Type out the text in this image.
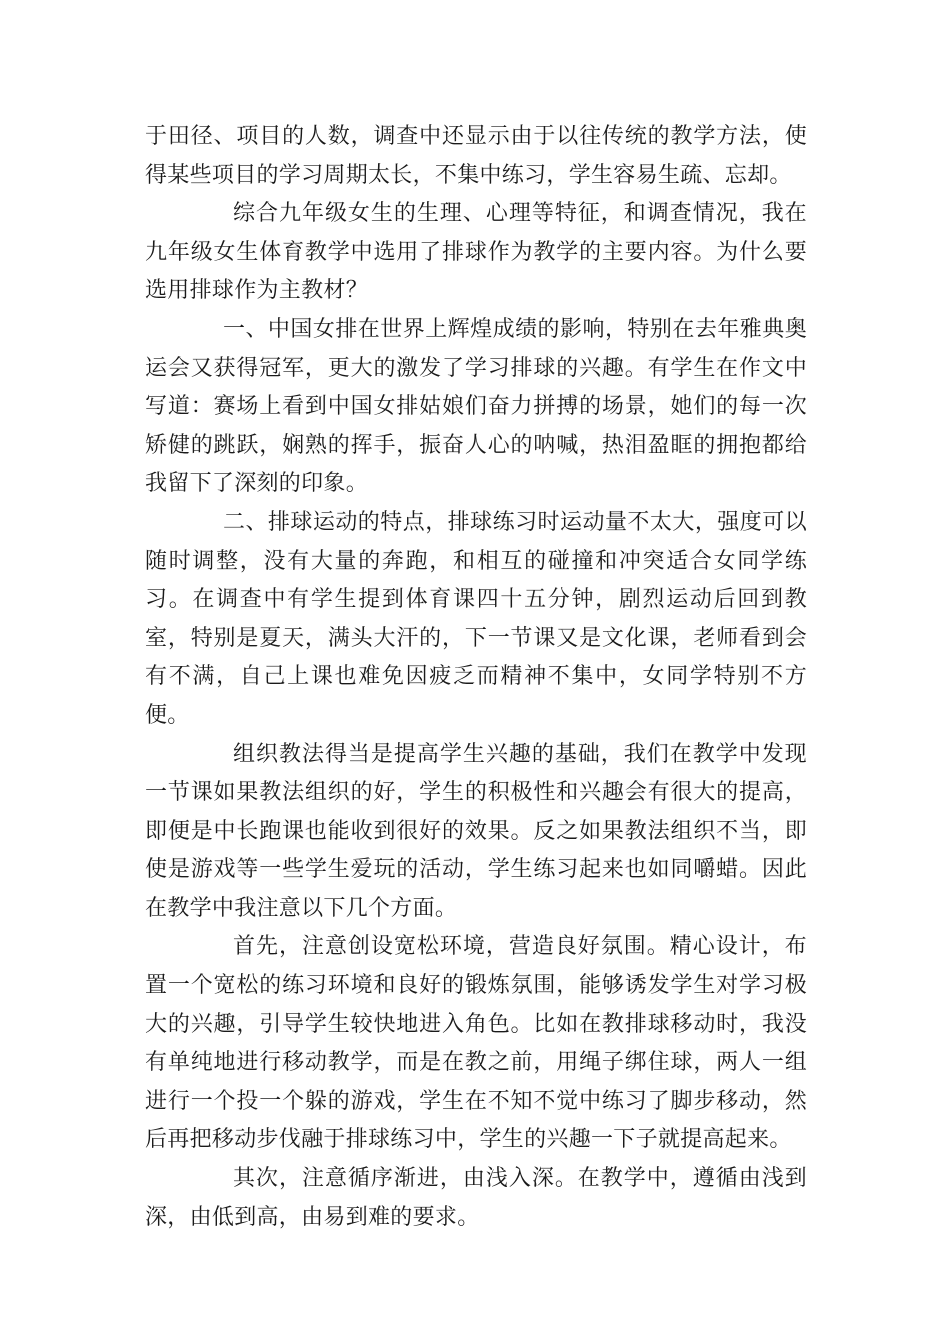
于田径、项目的人数，调查中还显示由于以往传统的教学方法，使得某些项目的学习周期太长，不集中练习，学生容易生疏、忘却。

综合九年级女生的生理、心理等特征，和调查情况，我在九年级女生体育教学中选用了排球作为教学的主要内容。为什么要选用排球作为主教材？

一、中国女排在世界上辉煌成绩的影响，特别在去年雅典奥运会又获得冠军，更大的激发了学习排球的兴趣。有学生在作文中写道：赛场上看到中国女排姑娘们奋力拼搏的场景，她们的每一次矫健的跳跃，娴熟的挥手，振奋人心的呐喊，热泪盈眶的拥抱都给我留下了深刻的印象。

二、排球运动的特点，排球练习时运动量不太大，强度可以随时调整，没有大量的奔跑，和相互的碰撞和冲突适合女同学练习。在调查中有学生提到体育课四十五分钟，剧烈运动后回到教室，特别是夏天，满头大汗的，下一节课又是文化课，老师看到会有不满，自己上课也难免因疲乏而精神不集中，女同学特别不方便。

组织教法得当是提高学生兴趣的基础，我们在教学中发现一节课如果教法组织的好，学生的积极性和兴趣会有很大的提高，即便是中长跑课也能收到很好的效果。反之如果教法组织不当，即使是游戏等一些学生爱玩的活动，学生练习起来也如同嚼蜡。因此在教学中我注意以下几个方面。

首先，注意创设宽松环境，营造良好氛围。精心设计，布置一个宽松的练习环境和良好的锻炼氛围，能够诱发学生对学习极大的兴趣，引导学生较快地进入角色。比如在教排球移动时，我没有单纯地进行移动教学，而是在教之前，用绳子绑住球，两人一组进行一个投一个躲的游戏，学生在不知不觉中练习了脚步移动，然后再把移动步伐融于排球练习中，学生的兴趣一下子就提高起来。

其次，注意循序渐进，由浅入深。在教学中，遵循由浅到深，由低到高，由易到难的要求。
